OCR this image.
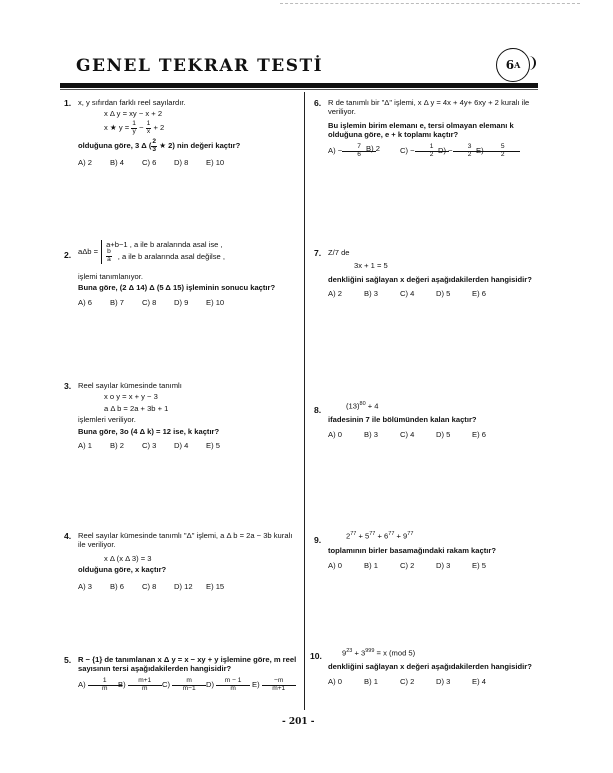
GENEL TEKRAR TESTİ	6 A
1. x, y sıfırdan farklı reel sayılardır.

x Δ y = xy − x + 2

x ★ $y = \frac{1}{y} - \frac{1}{x} + 2$

olduğuna göre, 3 Δ ( $\frac{2}{3}$ ★ 2) nin değeri kaçtır?

A) 2	B) 4	C) 6	D) 8	E) 10
2. aΔb =
a+b−1 , a ile b aralarında asal ise ,
$\frac{b}{a}$ , a ile b aralarında asal değilse ,

işlemi tanımlanıyor.

Buna göre, (2 Δ 14) Δ (5 Δ 15) işleminin sonucu kaçtır?

A) 6	B) 7	C) 8	D) 9	E) 10
3. Reel sayılar kümesinde tanımlı

x o y = x + y − 3

a Δ b = 2a + 3b + 1

işlemleri veriliyor.

Buna göre, 3o (4 Δ k) = 12 ise, k kaçtır?

A) 1	B) 2	C) 3	D) 4	E) 5
4. Reel sayılar kümesinde tanımlı "Δ" işlemi, a Δ b = 2a − 3b kuralı ile veriliyor.

x Δ (x Δ 3) = 3

olduğuna göre, x kaçtır?

A) 3	B) 6	C) 8	D) 12	E) 15
5. R − {1} de tanımlanan x Δ y = x − xy + y işlemine göre, m reel sayısının tersi aşağıdakilerden hangisidir?

$A) \frac{1}{m}$
$B) \frac{m+1}{m} C) \frac{m}{m-1} D) \frac{m - 1}{m} E) \frac{-m}{m+1}$
6. R de tanımlı bir "Δ" işlemi, x Δ y = 4x + 4y+ 6xy + 2 kuralı ile veriliyor.

Bu işlemin birim elemanı e, tersi olmayan elemanı k olduğuna göre, e + k toplamı kaçtır?

$A) - \frac{7}{6}$
B) 2	$C) - \frac{1}{2}$
$D) - \frac{3}{2}$
$E) \frac{5}{2}$
7. Z/7 de

3x + 1 = 5

denkliğini sağlayan x değeri aşağıdakilerden hangisidir?

A) 2	B) 3	C) 4	D) 5	E) 6
8.	$(13)^{80} + 4$

ifadesinin 7 ile bölümünden kalan kaçtır?

A) 0	B) 3	C) 4	D) 5	E) 6
9.	$2^{77} + 5^{77} + 6^{77} + 9^{77}$

toplamının birler basamağındaki rakam kaçtır?

A) 0	B) 1	C) 2	D) 3	E) 5
10.	$9^{23} + 3^{999} = x$ (mod 5)

denkliğini sağlayan x değeri aşağıdakilerden hangisidir?

A) 0	B) 1	C) 2	D) 3	E) 4
- 201 -
